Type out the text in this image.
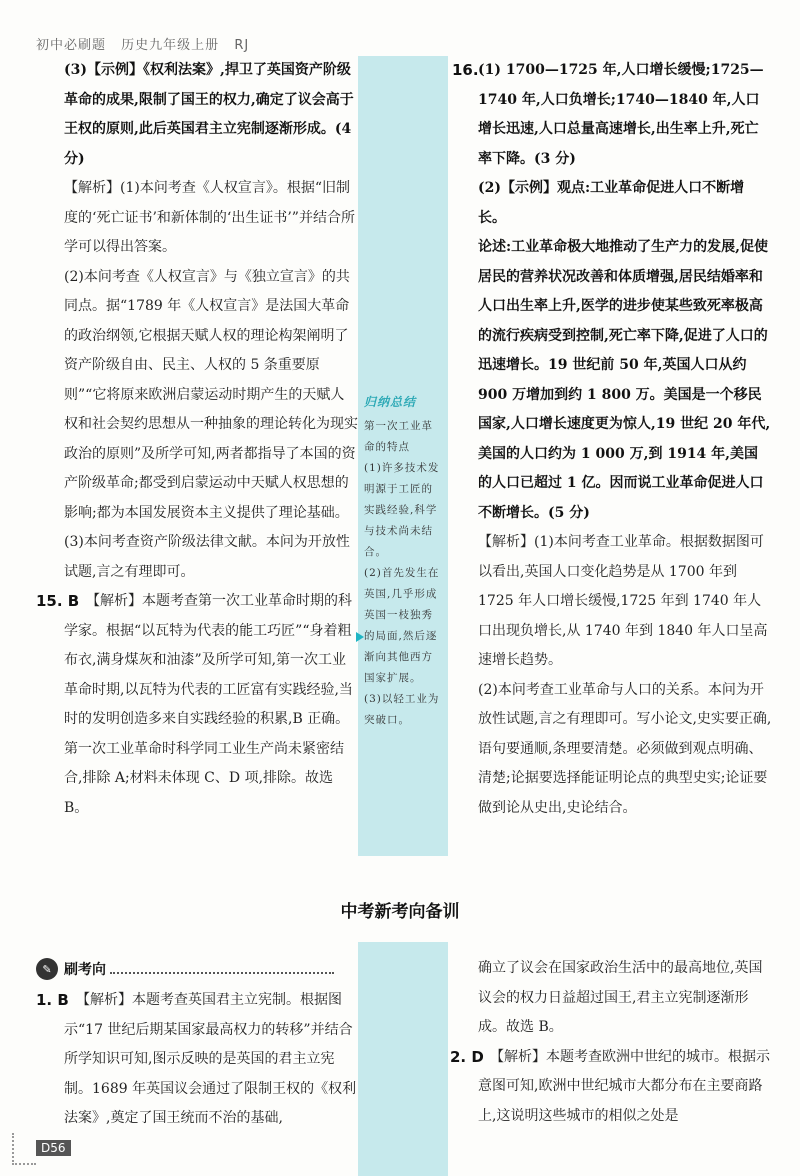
初中必刷题 历史九年级上册 RJ

(3)【示例】《权利法案》,捍卫了英国资产阶级革命的成果,限制了国王的权力,确定了议会高于王权的原则,此后英国君主立宪制逐渐形成。(4 分)

【解析】(1)本问考查《人权宣言》。根据“旧制度的‘死亡证书’和新体制的‘出生证书’”并结合所学可以得出答案。

(2)本问考查《人权宣言》与《独立宣言》的共同点。据“1789 年《人权宣言》是法国大革命的政治纲领,它根据天赋人权的理论构架阐明了资产阶级自由、民主、人权的 5 条重要原则”“它将原来欧洲启蒙运动时期产生的天赋人权和社会契约思想从一种抽象的理论转化为现实政治的原则”及所学可知,两者都指导了本国的资产阶级革命;都受到启蒙运动中天赋人权思想的影响;都为本国发展资本主义提供了理论基础。

(3)本问考查资产阶级法律文献。本问为开放性试题,言之有理即可。

15. B 【解析】本题考查第一次工业革命时期的科学家。根据“以瓦特为代表的能工巧匠”“身着粗布衣,满身煤灰和油漆”及所学可知,第一次工业革命时期,以瓦特为代表的工匠富有实践经验,当时的发明创造多来自实践经验的积累,B 正确。第一次工业革命时科学同工业生产尚未紧密结合,排除 A;材料未体现 C、D 项,排除。故选 B。

归纳总结

第一次工业革命的特点

(1)许多技术发明源于工匠的实践经验,科学与技术尚未结合。

(2)首先发生在英国,几乎形成英国一枝独秀的局面,然后逐渐向其他西方国家扩展。

(3)以轻工业为突破口。

16. (1) 1700—1725 年,人口增长缓慢;1725—1740 年,人口负增长;1740—1840 年,人口增长迅速,人口总量高速增长,出生率上升,死亡率下降。(3 分)

(2)【示例】观点:工业革命促进人口不断增长。

论述:工业革命极大地推动了生产力的发展,促使居民的营养状况改善和体质增强,居民结婚率和人口出生率上升,医学的进步使某些致死率极高的流行疾病受到控制,死亡率下降,促进了人口的迅速增长。19 世纪前 50 年,英国人口从约 900 万增加到约 1 800 万。美国是一个移民国家,人口增长速度更为惊人,19 世纪 20 年代,美国的人口约为 1 000 万,到 1914 年,美国的人口已超过 1 亿。因而说工业革命促进人口不断增长。(5 分)

【解析】(1)本问考查工业革命。根据数据图可以看出,英国人口变化趋势是从 1700 年到 1725 年人口增长缓慢,1725 年到 1740 年人口出现负增长,从 1740 年到 1840 年人口呈高速增长趋势。

(2)本问考查工业革命与人口的关系。本问为开放性试题,言之有理即可。写小论文,史实要正确,语句要通顺,条理要清楚。必须做到观点明确、清楚;论据要选择能证明论点的典型史实;论证要做到论从史出,史论结合。

中考新考向备训
✎ 刷考向

1. B 【解析】本题考查英国君主立宪制。根据图示“17 世纪后期某国家最高权力的转移”并结合所学知识可知,图示反映的是英国的君主立宪制。1689 年英国议会通过了限制王权的《权利法案》,奠定了国王统而不治的基础,

确立了议会在国家政治生活中的最高地位,英国议会的权力日益超过国王,君主立宪制逐渐形成。故选 B。

2. D 【解析】本题考查欧洲中世纪的城市。根据示意图可知,欧洲中世纪城市大都分布在主要商路上,这说明这些城市的相似之处是

D56
